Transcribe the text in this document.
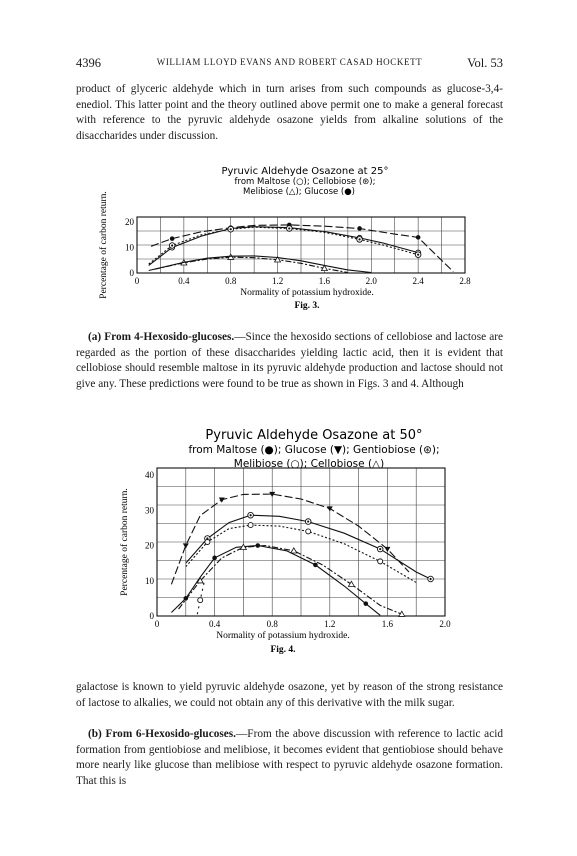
4396	WILLIAM LLOYD EVANS AND ROBERT CASAD HOCKETT	Vol. 53

product of glyceric aldehyde which in turn arises from such compounds as glucose-3,4-enediol. This latter point and the theory outlined above permit one to make a general forecast with reference to the pyruvic aldehyde osazone yields from alkaline solutions of the disaccharides under discussion.

0	0.4	0.8	1.2	1.6	2.0	2.4	2.8
0
10
20
Pyruvic Aldehyde Osazone at 25°
from Maltose (○); Cellobiose (⊛);
Melibiose (△); Glucose (●)
Normality of potassium hydroxide.
Fig. 3.
Percentage of carbon return.

(a) From 4-Hexosido-glucoses.—Since the hexosido sections of cellobiose and lactose are regarded as the portion of these disaccharides yielding lactic acid, then it is evident that cellobiose should resemble maltose in its pyruvic aldehyde production and lactose should not give any. These predictions were found to be true as shown in Figs. 3 and 4. Although

0	0.4	0.8	1.2	1.6	2.0
0
10
20
30
40
Pyruvic Aldehyde Osazone at 50°
from Maltose (●); Glucose (▼); Gentiobiose (⊛);
Melibiose (○); Cellobiose (△)
Normality of potassium hydroxide.
Fig. 4.
Percentage of carbon return.

galactose is known to yield pyruvic aldehyde osazone, yet by reason of the strong resistance of lactose to alkalies, we could not obtain any of this derivative with the milk sugar.

(b) From 6-Hexosido-glucoses.—From the above discussion with reference to lactic acid formation from gentiobiose and melibiose, it becomes evident that gentiobiose should behave more nearly like glucose than melibiose with respect to pyruvic aldehyde osazone formation. That this is
